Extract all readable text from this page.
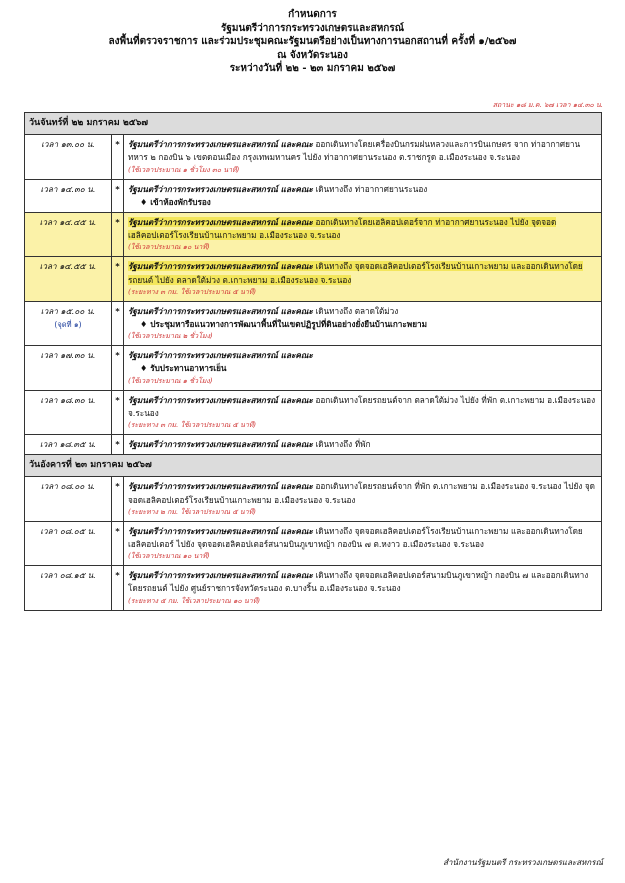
กำหนดการ
รัฐมนตรีว่าการกระทรวงเกษตรและสหกรณ์
ลงพื้นที่ตรวจราชการ และร่วมประชุมคณะรัฐมนตรีอย่างเป็นทางการนอกสถานที่ ครั้งที่ ๑/๒๕๖๗
ณ จังหวัดระนอง
ระหว่างวันที่ ๒๒ - ๒๓ มกราคม ๒๕๖๗
สถานะ ๑๘ ม.ค. ๖๗ เวลา ๑๔.๓๐ น.
วันจันทร์ที่ ๒๒ มกราคม ๒๕๖๗		
เวลา ๑๓.๐๐ น.	*	รัฐมนตรีว่าการกระทรวงเกษตรและสหกรณ์ และคณะ ออกเดินทางโดยเครื่องบินกรมฝนหลวงและการบินเกษตร จาก ท่าอากาศยานทหาร ๒ กองบิน ๖ เขตดอนเมือง กรุงเทพมหานคร ไปยัง ท่าอากาศยานระนอง ต.ราชกรูด อ.เมืองระนอง จ.ระนอง
(ใช้เวลาประมาณ ๑ ชั่วโมง ๓๐ นาที)

เวลา ๑๔.๓๐ น.	*	รัฐมนตรีว่าการกระทรวงเกษตรและสหกรณ์ และคณะ เดินทางถึง ท่าอากาศยานระนอง
♦ เข้าห้องพักรับรอง

เวลา ๑๔.๔๕ น.	*	รัฐมนตรีว่าการกระทรวงเกษตรและสหกรณ์ และคณะ ออกเดินทางโดยเฮลิคอปเตอร์จาก ท่าอากาศยานระนอง ไปยัง จุดจอดเฮลิคอปเตอร์โรงเรียนบ้านเกาะพยาม อ.เมืองระนอง จ.ระนอง
(ใช้เวลาประมาณ ๑๐ นาที)

เวลา ๑๔.๕๕ น.	*	รัฐมนตรีว่าการกระทรวงเกษตรและสหกรณ์ และคณะ เดินทางถึง จุดจอดเฮลิคอปเตอร์โรงเรียนบ้านเกาะพยาม และออกเดินทางโดยรถยนต์ ไปยัง ตลาดใต้ม่วง ต.เกาะพยาม อ.เมืองระนอง จ.ระนอง
(ระยะทาง ๓ กม. ใช้เวลาประมาณ ๕ นาที)

เวลา ๑๕.๐๐ น.
(จุดที่ ๑)	*	รัฐมนตรีว่าการกระทรวงเกษตรและสหกรณ์ และคณะ เดินทางถึง ตลาดใต้ม่วง
♦ ประชุมหารือแนวทางการพัฒนาพื้นที่ในเขตปฏิรูปที่ดินอย่างยั่งยืนบ้านเกาะพยาม
(ใช้เวลาประมาณ ๒ ชั่วโมง)

เวลา ๑๗.๓๐ น.	*	รัฐมนตรีว่าการกระทรวงเกษตรและสหกรณ์ และคณะ
♦ รับประทานอาหารเย็น
(ใช้เวลาประมาณ ๑ ชั่วโมง)

เวลา ๑๘.๓๐ น.	*	รัฐมนตรีว่าการกระทรวงเกษตรและสหกรณ์ และคณะ ออกเดินทางโดยรถยนต์จาก ตลาดใต้ม่วง ไปยัง ที่พัก ต.เกาะพยาม อ.เมืองระนอง จ.ระนอง
(ระยะทาง ๓ กม. ใช้เวลาประมาณ ๕ นาที)

เวลา ๑๘.๓๕ น.	*	รัฐมนตรีว่าการกระทรวงเกษตรและสหกรณ์ และคณะ เดินทางถึง ที่พัก
วันอังคารที่ ๒๓ มกราคม ๒๕๖๗		
เวลา ๐๘.๐๐ น.	*	รัฐมนตรีว่าการกระทรวงเกษตรและสหกรณ์ และคณะ ออกเดินทางโดยรถยนต์จาก ที่พัก ต.เกาะพยาม อ.เมืองระนอง จ.ระนอง ไปยัง จุดจอดเฮลิคอปเตอร์โรงเรียนบ้านเกาะพยาม อ.เมืองระนอง จ.ระนอง
(ระยะทาง ๒ กม. ใช้เวลาประมาณ ๕ นาที)

เวลา ๐๘.๐๕ น.	*	รัฐมนตรีว่าการกระทรวงเกษตรและสหกรณ์ และคณะ เดินทางถึง จุดจอดเฮลิคอปเตอร์โรงเรียนบ้านเกาะพยาม และออกเดินทางโดยเฮลิคอปเตอร์ ไปยัง จุดจอดเฮลิคอปเตอร์สนามบินภูเขาหญ้า กองบิน ๗ ต.หงาว อ.เมืองระนอง จ.ระนอง
(ใช้เวลาประมาณ ๑๐ นาที)

เวลา ๐๘.๑๕ น.	*	รัฐมนตรีว่าการกระทรวงเกษตรและสหกรณ์ และคณะ เดินทางถึง จุดจอดเฮลิคอปเตอร์สนามบินภูเขาหญ้า กองบิน ๗ และออกเดินทางโดยรถยนต์ ไปยัง ศูนย์ราชการจังหวัดระนอง ต.บางริ้น อ.เมืองระนอง จ.ระนอง
(ระยะทาง ๕ กม. ใช้เวลาประมาณ ๑๐ นาที)
สำนักงานรัฐมนตรี กระทรวงเกษตรและสหกรณ์
